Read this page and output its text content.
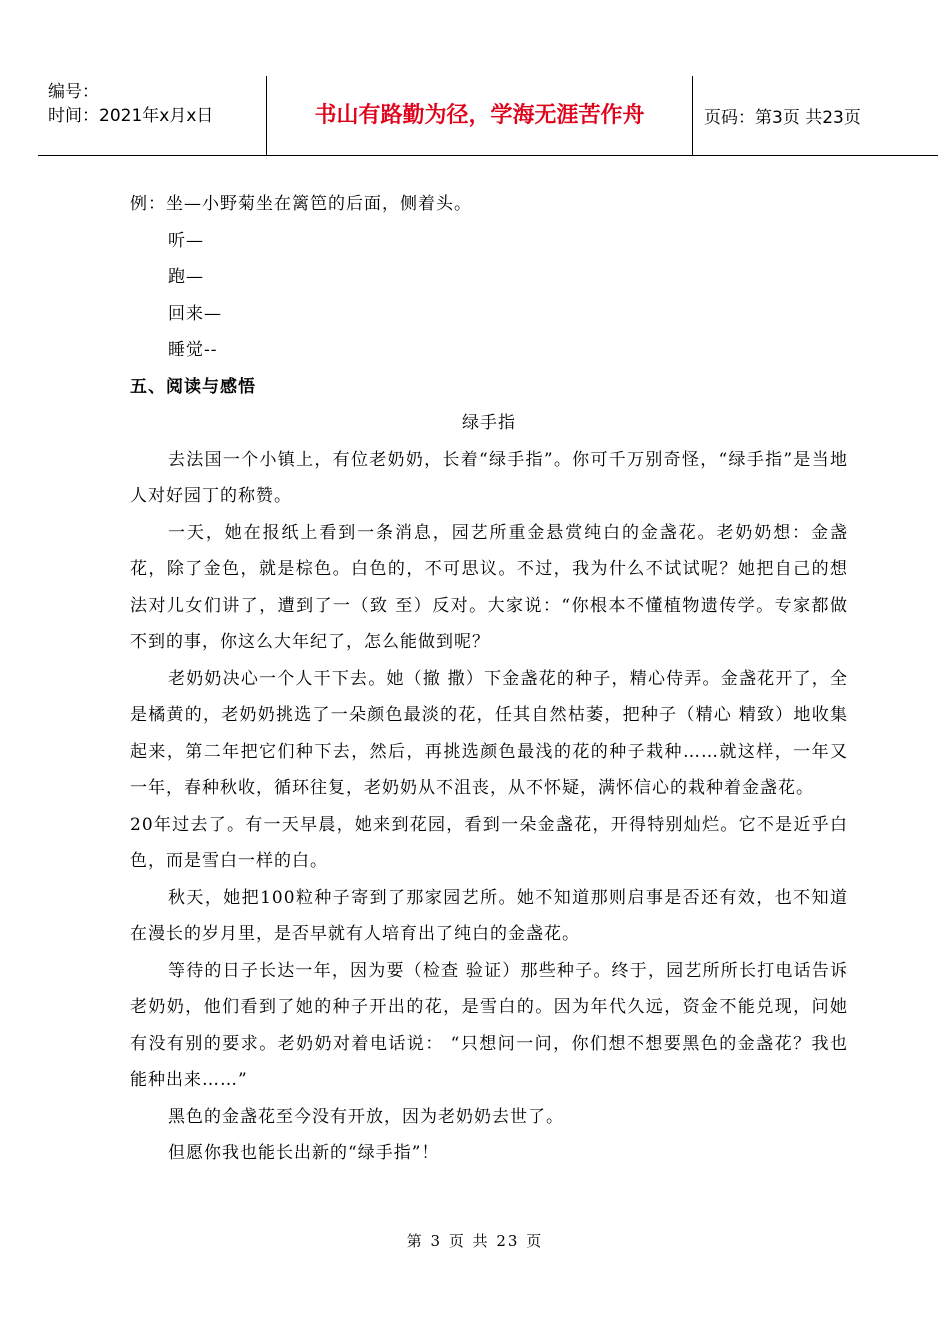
编号：
时间：2021年x月x日	书山有路勤为径，学海无涯苦作舟	页码：第3页 共23页
例：坐—小野菊坐在篱笆的后面，侧着头。
听—
跑—
回来—
睡觉--
五、阅读与感悟
绿手指
去法国一个小镇上，有位老奶奶，长着“绿手指”。你可千万别奇怪，“绿手指”是当地人对好园丁的称赞。
一天，她在报纸上看到一条消息，园艺所重金悬赏纯白的金盏花。老奶奶想：金盏花，除了金色，就是棕色。白色的，不可思议。不过，我为什么不试试呢？她把自己的想法对儿女们讲了，遭到了一（致 至）反对。大家说：“你根本不懂植物遗传学。专家都做不到的事，你这么大年纪了，怎么能做到呢？
老奶奶决心一个人干下去。她（撤 撒）下金盏花的种子，精心侍弄。金盏花开了，全是橘黄的，老奶奶挑选了一朵颜色最淡的花，任其自然枯萎，把种子（精心 精致）地收集起来，第二年把它们种下去，然后，再挑选颜色最浅的花的种子栽种……就这样，一年又一年，春种秋收，循环往复，老奶奶从不沮丧，从不怀疑，满怀信心的栽种着金盏花。
20年过去了。有一天早晨，她来到花园，看到一朵金盏花，开得特别灿烂。它不是近乎白色，而是雪白一样的白。
秋天，她把100粒种子寄到了那家园艺所。她不知道那则启事是否还有效，也不知道在漫长的岁月里，是否早就有人培育出了纯白的金盏花。
等待的日子长达一年，因为要（检查 验证）那些种子。终于，园艺所所长打电话告诉老奶奶，他们看到了她的种子开出的花，是雪白的。因为年代久远，资金不能兑现，问她有没有别的要求。老奶奶对着电话说： “只想问一问，你们想不想要黑色的金盏花？我也能种出来……”
黑色的金盏花至今没有开放，因为老奶奶去世了。
但愿你我也能长出新的“绿手指”！
第 3 页 共 23 页
